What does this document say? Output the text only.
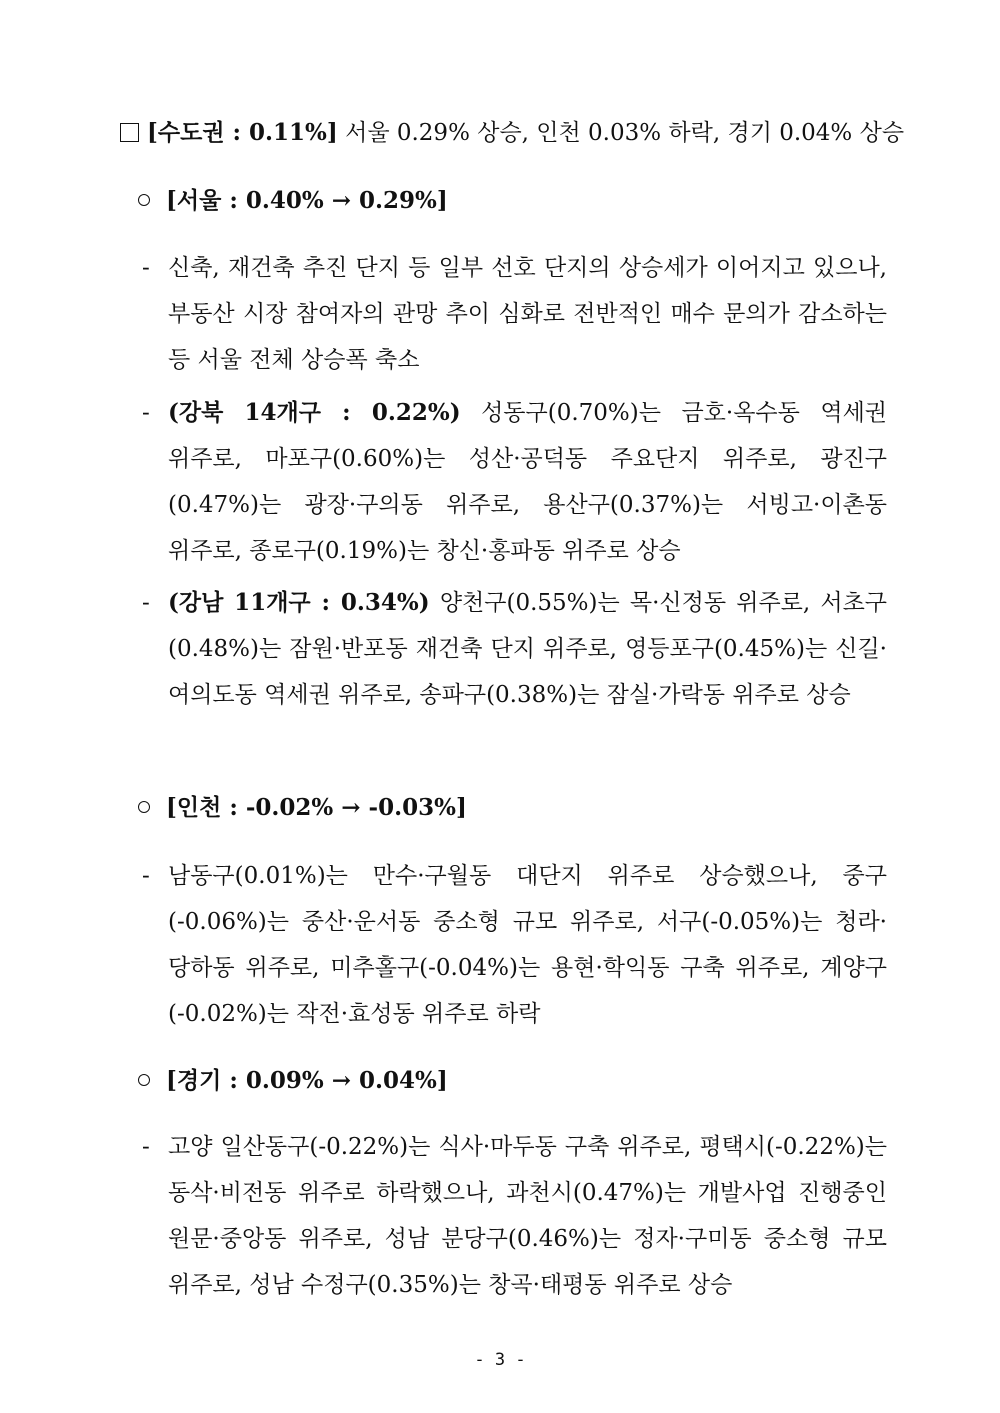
[수도권 : 0.11%] 서울 0.29% 상승, 인천 0.03% 하락, 경기 0.04% 상승
[서울 : 0.40% → 0.29%]
- 신축, 재건축 추진 단지 등 일부 선호 단지의 상승세가 이어지고 있으나, 부동산 시장 참여자의 관망 추이 심화로 전반적인 매수 문의가 감소하는 등 서울 전체 상승폭 축소
- (강북 14개구 : 0.22%) 성동구(0.70%)는 금호·옥수동 역세권 위주로, 마포구(0.60%)는 성산·공덕동 주요단지 위주로, 광진구(0.47%)는 광장·구의동 위주로, 용산구(0.37%)는 서빙고·이촌동 위주로, 종로구(0.19%)는 창신·홍파동 위주로 상승
- (강남 11개구 : 0.34%) 양천구(0.55%)는 목·신정동 위주로, 서초구(0.48%)는 잠원·반포동 재건축 단지 위주로, 영등포구(0.45%)는 신길·여의도동 역세권 위주로, 송파구(0.38%)는 잠실·가락동 위주로 상승
[인천 : -0.02% → -0.03%]
- 남동구(0.01%)는 만수·구월동 대단지 위주로 상승했으나, 중구(-0.06%)는 중산·운서동 중소형 규모 위주로, 서구(-0.05%)는 청라·당하동 위주로, 미추홀구(-0.04%)는 용현·학익동 구축 위주로, 계양구(-0.02%)는 작전·효성동 위주로 하락
[경기 : 0.09% → 0.04%]
- 고양 일산동구(-0.22%)는 식사·마두동 구축 위주로, 평택시(-0.22%)는 동삭·비전동 위주로 하락했으나, 과천시(0.47%)는 개발사업 진행중인 원문·중앙동 위주로, 성남 분당구(0.46%)는 정자·구미동 중소형 규모 위주로, 성남 수정구(0.35%)는 창곡·태평동 위주로 상승
- 3 -
